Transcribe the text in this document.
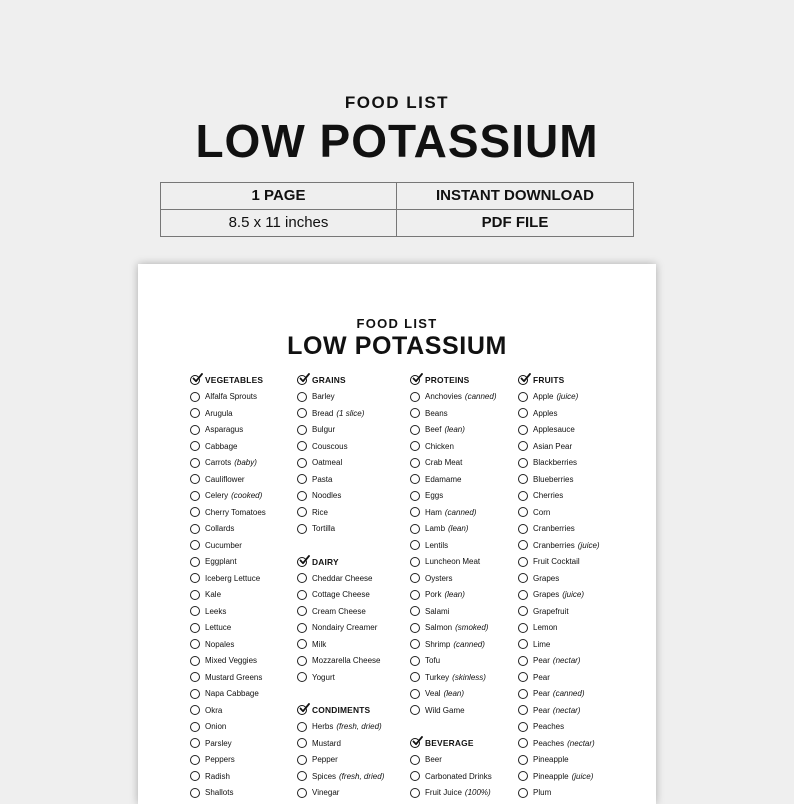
FOOD LIST
LOW POTASSIUM
1 PAGE	INSTANT DOWNLOAD
8.5 x 11 inches	PDF FILE
FOOD LIST
LOW POTASSIUM
VEGETABLES
Alfalfa Sprouts
Arugula
Asparagus
Cabbage
Carrots (baby)
Cauliflower
Celery (cooked)
Cherry Tomatoes
Collards
Cucumber
Eggplant
Iceberg Lettuce
Kale
Leeks
Lettuce
Nopales
Mixed Veggies
Mustard Greens
Napa Cabbage
Okra
Onion
Parsley
Peppers
Radish
Shallots
GRAINS
Barley
Bread (1 slice)
Bulgur
Couscous
Oatmeal
Pasta
Noodles
Rice
Tortilla
DAIRY
Cheddar Cheese
Cottage Cheese
Cream Cheese
Nondairy Creamer
Milk
Mozzarella Cheese
Yogurt
CONDIMENTS
Herbs (fresh, dried)
Mustard
Pepper
Spices (fresh, dried)
Vinegar
PROTEINS
Anchovies (canned)
Beans
Beef (lean)
Chicken
Crab Meat
Edamame
Eggs
Ham (canned)
Lamb (lean)
Lentils
Luncheon Meat
Oysters
Pork (lean)
Salami
Salmon (smoked)
Shrimp (canned)
Tofu
Turkey (skinless)
Veal (lean)
Wild Game
BEVERAGE
Beer
Carbonated Drinks
Fruit Juice (100%)
FRUITS
Apple (juice)
Apples
Applesauce
Asian Pear
Blackberries
Blueberries
Cherries
Corn
Cranberries
Cranberries (juice)
Fruit Cocktail
Grapes
Grapes (juice)
Grapefruit
Lemon
Lime
Pear (nectar)
Pear
Pear (canned)
Pear (nectar)
Peaches
Peaches (nectar)
Pineapple
Pineapple (juice)
Plum
